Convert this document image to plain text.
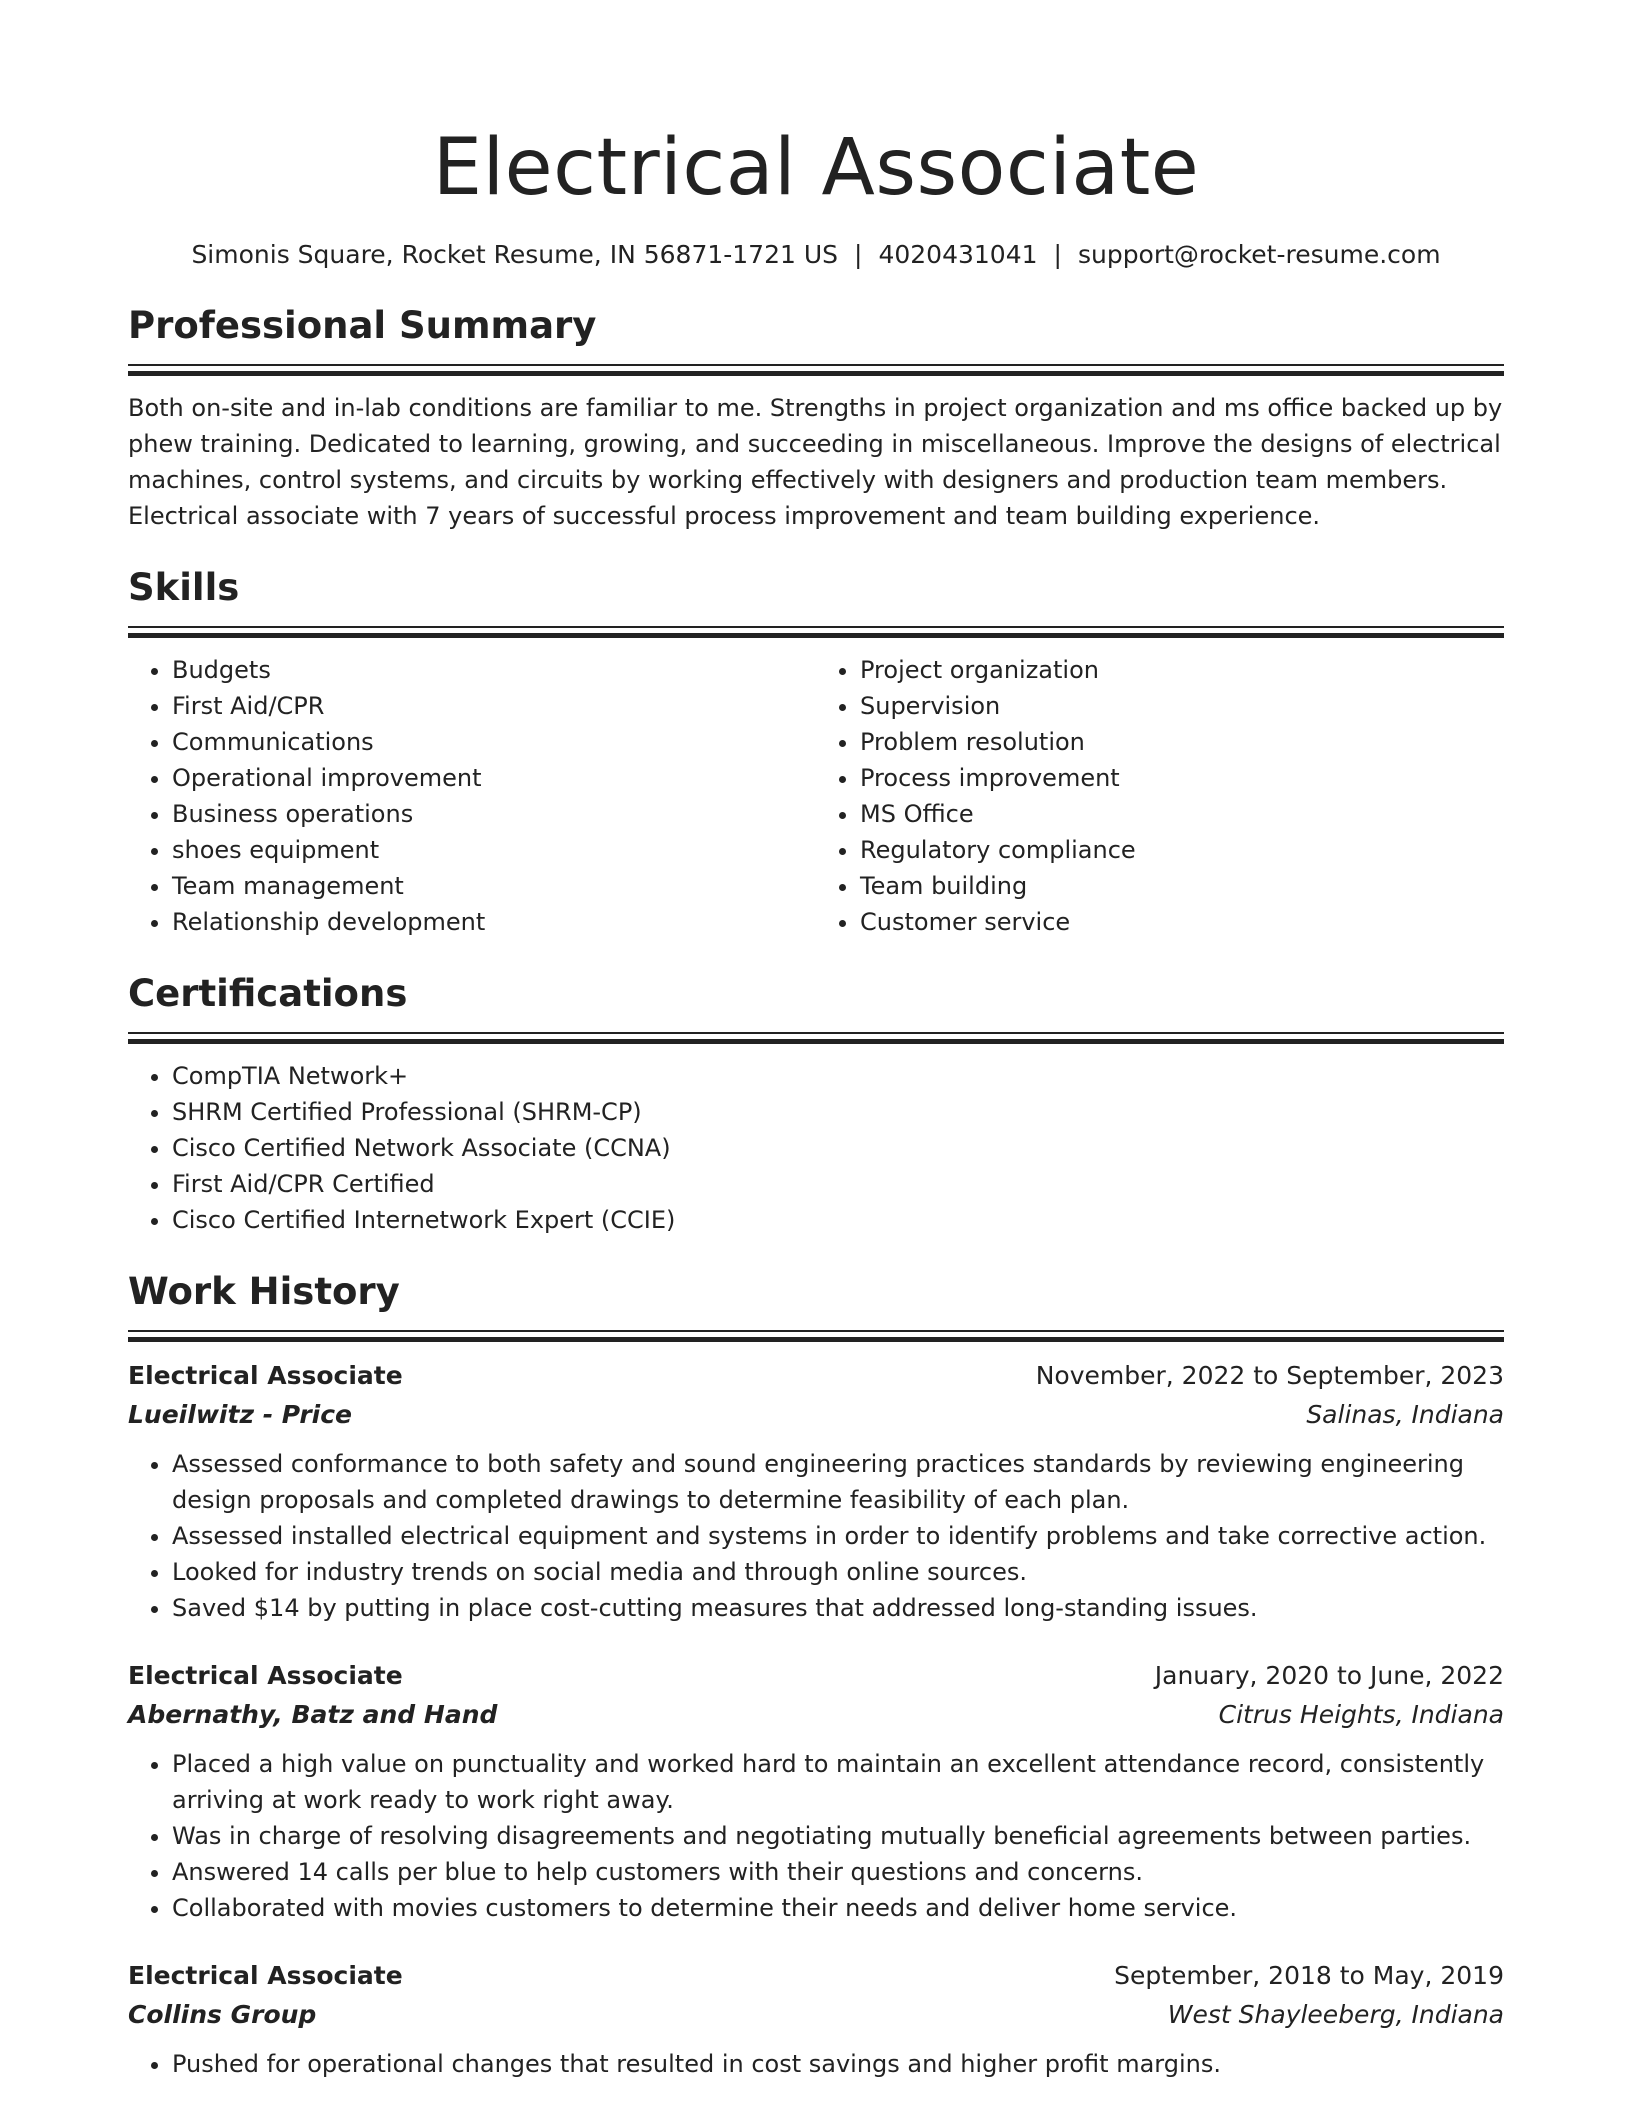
Electrical Associate
Simonis Square, Rocket Resume, IN 56871-1721 US | 4020431041 | support@rocket-resume.com
Professional Summary

Both on-site and in-lab conditions are familiar to me. Strengths in project organization and ms office backed up by phew training. Dedicated to learning, growing, and succeeding in miscellaneous. Improve the designs of electrical machines, control systems, and circuits by working effectively with designers and production team members. Electrical associate with 7 years of successful process improvement and team building experience.

Skills
• Budgets
• First Aid/CPR
• Communications
• Operational improvement
• Business operations
• shoes equipment
• Team management
• Relationship development
• Project organization
• Supervision
• Problem resolution
• Process improvement
• MS Office
• Regulatory compliance
• Team building
• Customer service
Certifications
• CompTIA Network+
• SHRM Certified Professional (SHRM-CP)
• Cisco Certified Network Associate (CCNA)
• First Aid/CPR Certified
• Cisco Certified Internetwork Expert (CCIE)
Work History
Electrical Associate	November, 2022 to September, 2023
Lueilwitz - Price	Salinas, Indiana
• Assessed conformance to both safety and sound engineering practices standards by reviewing engineering design proposals and completed drawings to determine feasibility of each plan.
• Assessed installed electrical equipment and systems in order to identify problems and take corrective action.
• Looked for industry trends on social media and through online sources.
• Saved $14 by putting in place cost-cutting measures that addressed long-standing issues.
Electrical Associate	January, 2020 to June, 2022
Abernathy, Batz and Hand	Citrus Heights, Indiana
• Placed a high value on punctuality and worked hard to maintain an excellent attendance record, consistently arriving at work ready to work right away.
• Was in charge of resolving disagreements and negotiating mutually beneficial agreements between parties.
• Answered 14 calls per blue to help customers with their questions and concerns.
• Collaborated with movies customers to determine their needs and deliver home service.
Electrical Associate	September, 2018 to May, 2019
Collins Group	West Shayleeberg, Indiana
• Pushed for operational changes that resulted in cost savings and higher profit margins.
